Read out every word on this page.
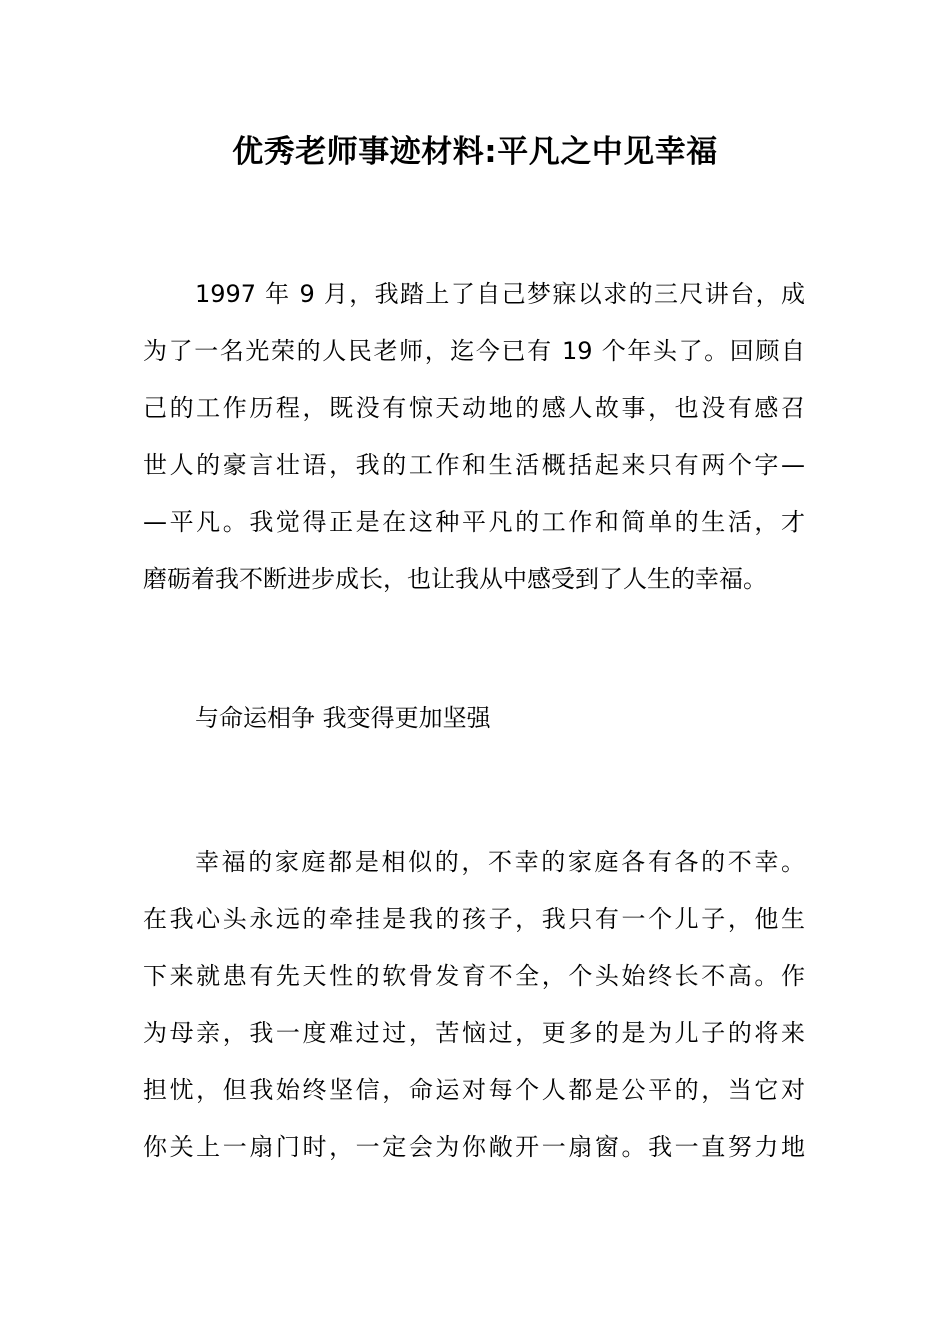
优秀老师事迹材料:平凡之中见幸福
1997 年 9 月，我踏上了自己梦寐以求的三尺讲台，成
为了一名光荣的人民老师，迄今已有 19 个年头了。回顾自
己的工作历程，既没有惊天动地的感人故事，也没有感召
世人的豪言壮语，我的工作和生活概括起来只有两个字—
—平凡。我觉得正是在这种平凡的工作和简单的生活，才
磨砺着我不断进步成长，也让我从中感受到了人生的幸福。
与命运相争 我变得更加坚强
幸福的家庭都是相似的，不幸的家庭各有各的不幸。
在我心头永远的牵挂是我的孩子，我只有一个儿子，他生
下来就患有先天性的软骨发育不全，个头始终长不高。作
为母亲，我一度难过过，苦恼过，更多的是为儿子的将来
担忧，但我始终坚信，命运对每个人都是公平的，当它对
你关上一扇门时，一定会为你敞开一扇窗。我一直努力地
